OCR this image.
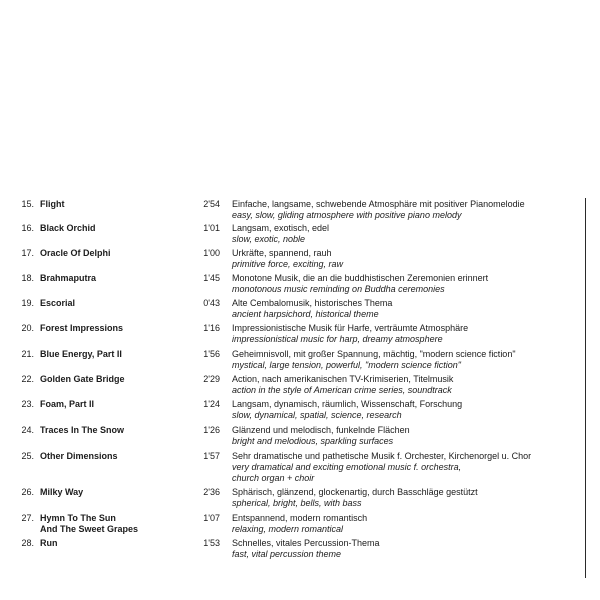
15. Flight	2'54 Einfache, langsame, schwebende Atmosphäre mit positiver Pianomelodie
easy, slow, gliding atmosphere with positive piano melody
16. Black Orchid	1'01 Langsam, exotisch, edel
slow, exotic, noble
17. Oracle Of Delphi	1'00 Urkräfte, spannend, rauh
primitive force, exciting, raw
18. Brahmaputra	1'45 Monotone Musik, die an die buddhistischen Zeremonien erinnert
monotonous music reminding on Buddha ceremonies
19. Escorial	0'43 Alte Cembalomusik, historisches Thema
ancient harpsichord, historical theme
20. Forest Impressions	1'16 Impressionistische Musik für Harfe, verträumte Atmosphäre
impressionistical music for harp, dreamy atmosphere
21. Blue Energy, Part II	1'56 Geheimnisvoll, mit großer Spannung, mächtig, "modern science fiction"
mystical, large tension, powerful, "modern science fiction"
22. Golden Gate Bridge	2'29 Action, nach amerikanischen TV-Krimiserien, Titelmusik
action in the style of American crime series, soundtrack
23. Foam, Part II	1'24 Langsam, dynamisch, räumlich, Wissenschaft, Forschung
slow, dynamical, spatial, science, research
24. Traces In The Snow	1'26 Glänzend und melodisch, funkelnde Flächen
bright and melodious, sparkling surfaces
25. Other Dimensions	1'57 Sehr dramatische und pathetische Musik f. Orchester, Kirchenorgel u. Chor
very dramatical and exciting emotional music f. orchestra,
church organ + choir
26. Milky Way	2'36 Sphärisch, glänzend, glockenartig, durch Basschläge gestützt
spherical, bright, bells, with bass
27. Hymn To The Sun
And The Sweet Grapes
1'07 Entspannend, modern romantisch
relaxing, modern romantical
28. Run	1'53 Schnelles, vitales Percussion-Thema
fast, vital percussion theme
